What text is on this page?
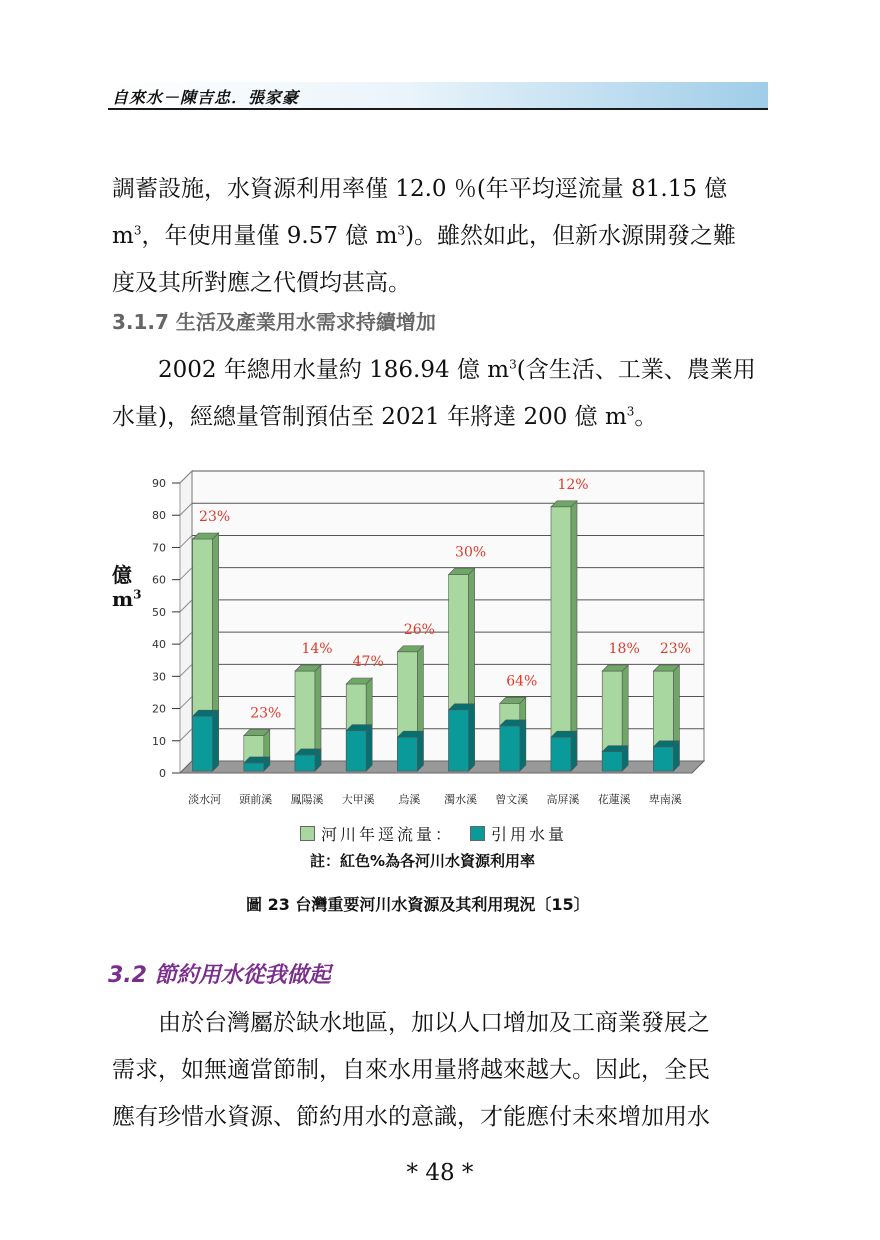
自來水－陳吉忠．張家豪

調蓄設施，水資源利用率僅 12.0 ％(年平均逕流量 81.15 億
$m^3$，年使用量僅 9.57 億 $m^3$)。雖然如此，但新水源開發之難
度及其所對應之代價均甚高。

3.1.7 生活及產業用水需求持續增加

2002 年總用水量約 186.94 億 $m^3$(含生活、工業、農業用
水量)，經總量管制預估至 2021 年將達 200 億 $m^3$。

億
$m^3$
0
10
20
30
40
50
60
70
80
90
淡水河
23%
頭前溪
23%
鳳陽溪
14%
大甲溪
47%
烏溪
26%
濁水溪
30%
曾文溪
64%
高屏溪
12%
花蓮溪
18%
卑南溪
23%
河川年逕流量： 引用水量
註：紅色%為各河川水資源利用率
圖 23 台灣重要河川水資源及其利用現況〔15〕
3.2 節約用水從我做起

由於台灣屬於缺水地區，加以人口增加及工商業發展之
需求，如無適當節制，自來水用量將越來越大。因此，全民
應有珍惜水資源、節約用水的意識，才能應付未來增加用水

* 48 *
